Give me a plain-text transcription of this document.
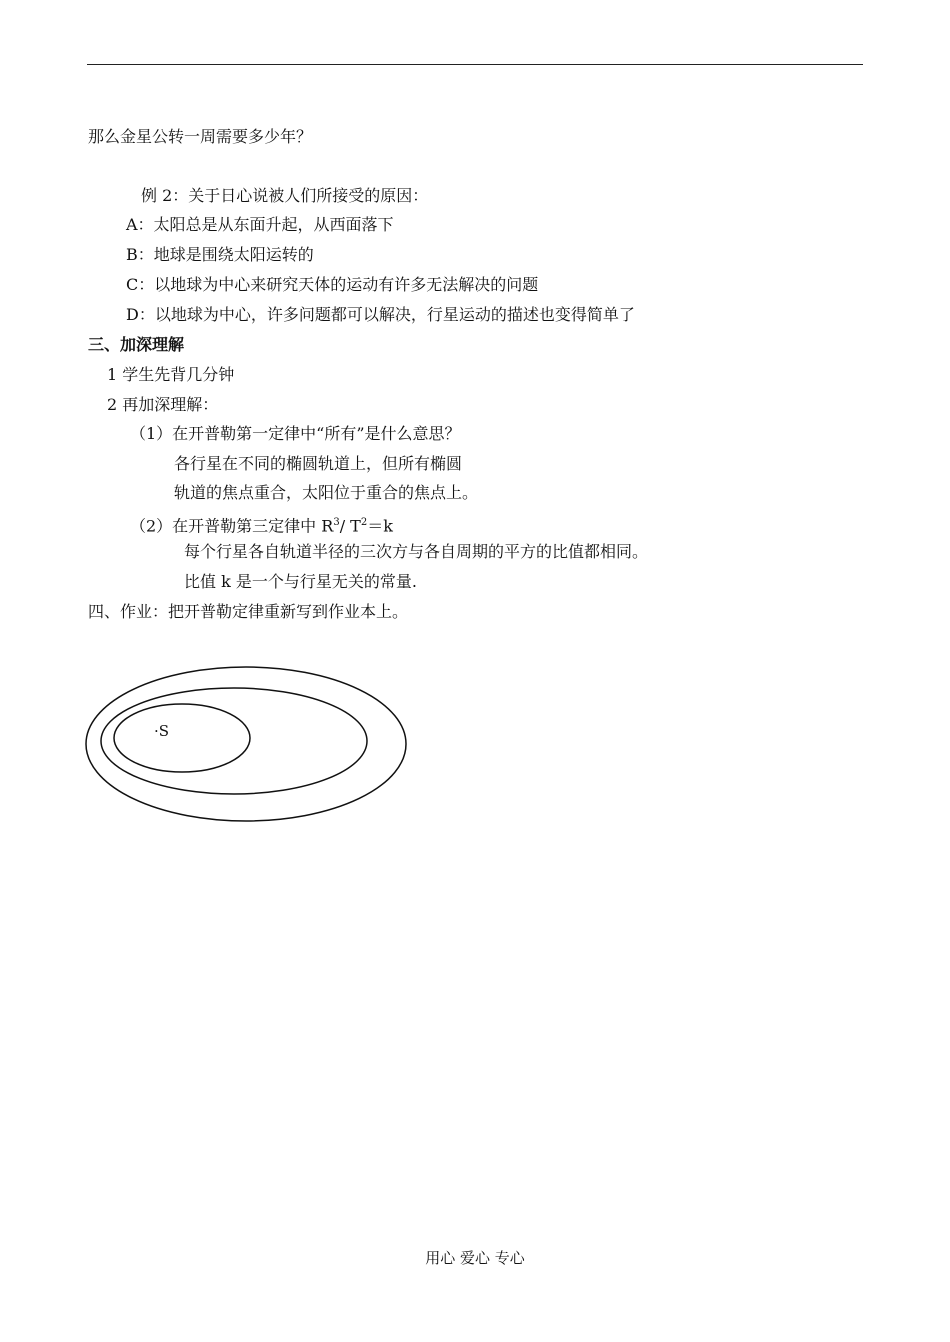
那么金星公转一周需要多少年？
例 2：关于日心说被人们所接受的原因：
A：太阳总是从东面升起，从西面落下
B：地球是围绕太阳运转的
C：以地球为中心来研究天体的运动有许多无法解决的问题
D：以地球为中心，许多问题都可以解决，行星运动的描述也变得简单了
三、加深理解
1 学生先背几分钟
2 再加深理解：
（1）在开普勒第一定律中“所有”是什么意思？
各行星在不同的椭圆轨道上，但所有椭圆
轨道的焦点重合，太阳位于重合的焦点上。
（2）在开普勒第三定律中 $R^3/$ $T^2=k$
每个行星各自轨道半径的三次方与各自周期的平方的比值都相同。
比值 k 是一个与行星无关的常量.
四、作业：把开普勒定律重新写到作业本上。
·S
用心 爱心 专心
